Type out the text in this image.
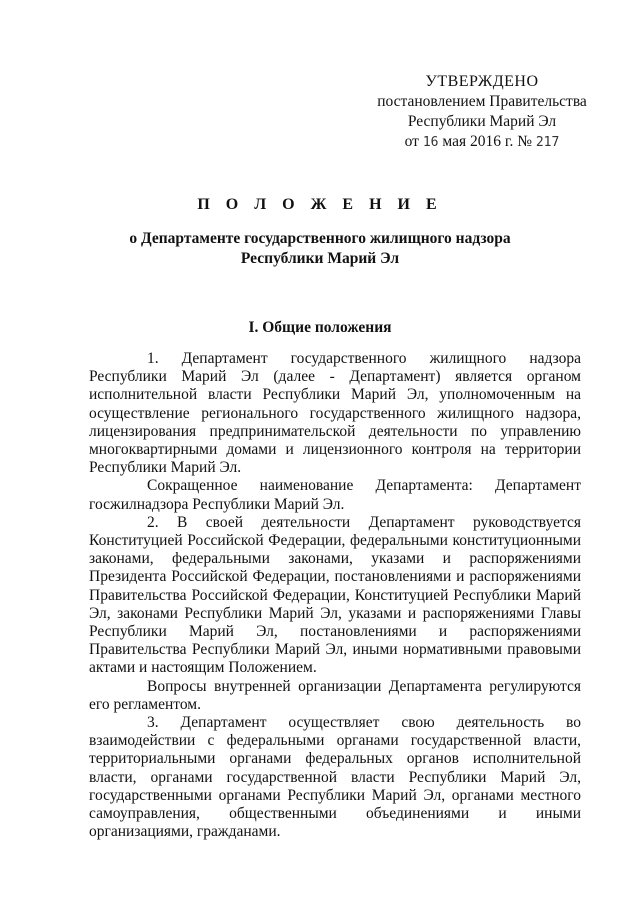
УТВЕРЖДЕНО
постановлением Правительства
Республики Марий Эл
от 16 мая 2016 г. № 217
П О Л О Ж Е Н И Е
о Департаменте государственного жилищного надзора
Республики Марий Эл
I. Общие положения

1. Департамент государственного жилищного надзора Республики Марий Эл (далее - Департамент) является органом исполнительной власти Республики Марий Эл, уполномоченным на осуществление регионального государственного жилищного надзора, лицензирования предпринимательской деятельности по управлению многоквартирными домами и лицензионного контроля на территории Республики Марий Эл.

Сокращенное наименование Департамента: Департамент госжилнадзора Республики Марий Эл.

2. В своей деятельности Департамент руководствуется Конституцией Российской Федерации, федеральными конституционными законами, федеральными законами, указами и распоряжениями Президента Российской Федерации, постановлениями и распоряжениями Правительства Российской Федерации, Конституцией Республики Марий Эл, законами Республики Марий Эл, указами и распоряжениями Главы Республики Марий Эл, постановлениями и распоряжениями Правительства Республики Марий Эл, иными нормативными правовыми актами и настоящим Положением.

Вопросы внутренней организации Департамента регулируются его регламентом.

3. Департамент осуществляет свою деятельность во взаимодействии с федеральными органами государственной власти, территориальными органами федеральных органов исполнительной власти, органами государственной власти Республики Марий Эл, государственными органами Республики Марий Эл, органами местного самоуправления, общественными объединениями и иными организациями, гражданами.
